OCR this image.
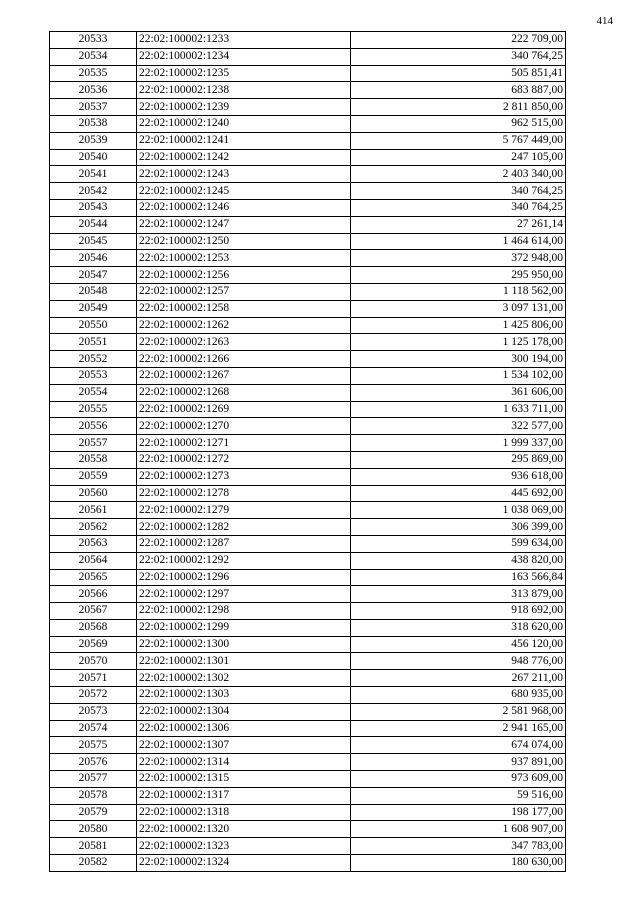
414
20533	22:02:100002:1233	222 709,00
20534	22:02:100002:1234	340 764,25
20535	22:02:100002:1235	505 851,41
20536	22:02:100002:1238	683 887,00
20537	22:02:100002:1239	2 811 850,00
20538	22:02:100002:1240	962 515,00
20539	22:02:100002:1241	5 767 449,00
20540	22:02:100002:1242	247 105,00
20541	22:02:100002:1243	2 403 340,00
20542	22:02:100002:1245	340 764,25
20543	22:02:100002:1246	340 764,25
20544	22:02:100002:1247	27 261,14
20545	22:02:100002:1250	1 464 614,00
20546	22:02:100002:1253	372 948,00
20547	22:02:100002:1256	295 950,00
20548	22:02:100002:1257	1 118 562,00
20549	22:02:100002:1258	3 097 131,00
20550	22:02:100002:1262	1 425 806,00
20551	22:02:100002:1263	1 125 178,00
20552	22:02:100002:1266	300 194,00
20553	22:02:100002:1267	1 534 102,00
20554	22:02:100002:1268	361 606,00
20555	22:02:100002:1269	1 633 711,00
20556	22:02:100002:1270	322 577,00
20557	22:02:100002:1271	1 999 337,00
20558	22:02:100002:1272	295 869,00
20559	22:02:100002:1273	936 618,00
20560	22:02:100002:1278	445 692,00
20561	22:02:100002:1279	1 038 069,00
20562	22:02:100002:1282	306 399,00
20563	22:02:100002:1287	599 634,00
20564	22:02:100002:1292	438 820,00
20565	22:02:100002:1296	163 566,84
20566	22:02:100002:1297	313 879,00
20567	22:02:100002:1298	918 692,00
20568	22:02:100002:1299	318 620,00
20569	22:02:100002:1300	456 120,00
20570	22:02:100002:1301	948 776,00
20571	22:02:100002:1302	267 211,00
20572	22:02:100002:1303	680 935,00
20573	22:02:100002:1304	2 581 968,00
20574	22:02:100002:1306	2 941 165,00
20575	22:02:100002:1307	674 074,00
20576	22:02:100002:1314	937 891,00
20577	22:02:100002:1315	973 609,00
20578	22:02:100002:1317	59 516,00
20579	22:02:100002:1318	198 177,00
20580	22:02:100002:1320	1 608 907,00
20581	22:02:100002:1323	347 783,00
20582	22:02:100002:1324	180 630,00
